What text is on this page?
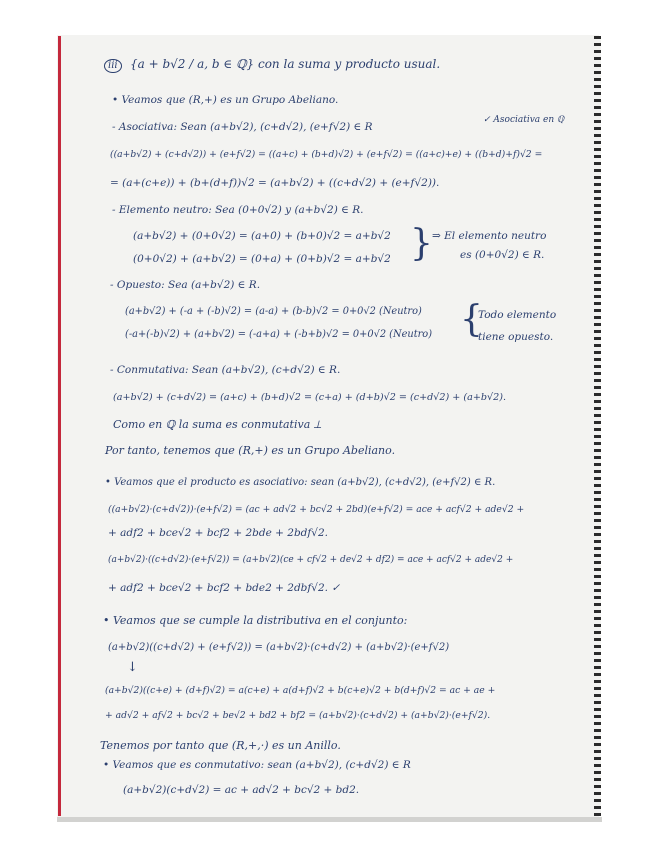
iii	{a + b√2 / a, b ∈ ℚ} con la suma y producto usual.

• Veamos que (R,+) es un Grupo Abeliano.

- Asociativa: Sean (a+b√2), (c+d√2), (e+f√2) ∈ R

✓ Asociativa en ℚ

((a+b√2) + (c+d√2)) + (e+f√2) = ((a+c) + (b+d)√2) + (e+f√2) = ((a+c)+e) + ((b+d)+f)√2 =

= (a+(c+e)) + (b+(d+f))√2 = (a+b√2) + ((c+d√2) + (e+f√2)).

- Elemento neutro: Sea (0+0√2) y (a+b√2) ∈ R.

(a+b√2) + (0+0√2) = (a+0) + (b+0)√2 = a+b√2

(0+0√2) + (a+b√2) = (0+a) + (0+b)√2 = a+b√2 } ⇒ El elemento neutro

es (0+0√2) ∈ R.

- Opuesto: Sea (a+b√2) ∈ R.

(a+b√2) + (-a + (-b)√2) = (a-a) + (b-b)√2 = 0+0√2 (Neutro)

(-a+(-b)√2) + (a+b√2) = (-a+a) + (-b+b)√2 = 0+0√2 (Neutro) {

Todo elemento

tiene opuesto.

- Conmutativa: Sean (a+b√2), (c+d√2) ∈ R.

(a+b√2) + (c+d√2) = (a+c) + (b+d)√2 = (c+a) + (d+b)√2 = (c+d√2) + (a+b√2).

Como en ℚ la suma es conmutativa ⟂

Por tanto, tenemos que (R,+) es un Grupo Abeliano.

• Veamos que el producto es asociativo: sean (a+b√2), (c+d√2), (e+f√2) ∈ R.

((a+b√2)·(c+d√2))·(e+f√2) = (ac + ad√2 + bc√2 + 2bd)(e+f√2) = ace + acf√2 + ade√2 +

+ adf2 + bce√2 + bcf2 + 2bde + 2bdf√2.

(a+b√2)·((c+d√2)·(e+f√2)) = (a+b√2)(ce + cf√2 + de√2 + df2) = ace + acf√2 + ade√2 +

+ adf2 + bce√2 + bcf2 + bde2 + 2dbf√2. ✓

• Veamos que se cumple la distributiva en el conjunto:

(a+b√2)((c+d√2) + (e+f√2)) = (a+b√2)·(c+d√2) + (a+b√2)·(e+f√2)

↓

(a+b√2)((c+e) + (d+f)√2) = a(c+e) + a(d+f)√2 + b(c+e)√2 + b(d+f)√2 = ac + ae +

+ ad√2 + af√2 + bc√2 + be√2 + bd2 + bf2 = (a+b√2)·(c+d√2) + (a+b√2)·(e+f√2).

Tenemos por tanto que (R,+,·) es un Anillo.

• Veamos que es conmutativo: sean (a+b√2), (c+d√2) ∈ R

(a+b√2)(c+d√2) = ac + ad√2 + bc√2 + bd2.
